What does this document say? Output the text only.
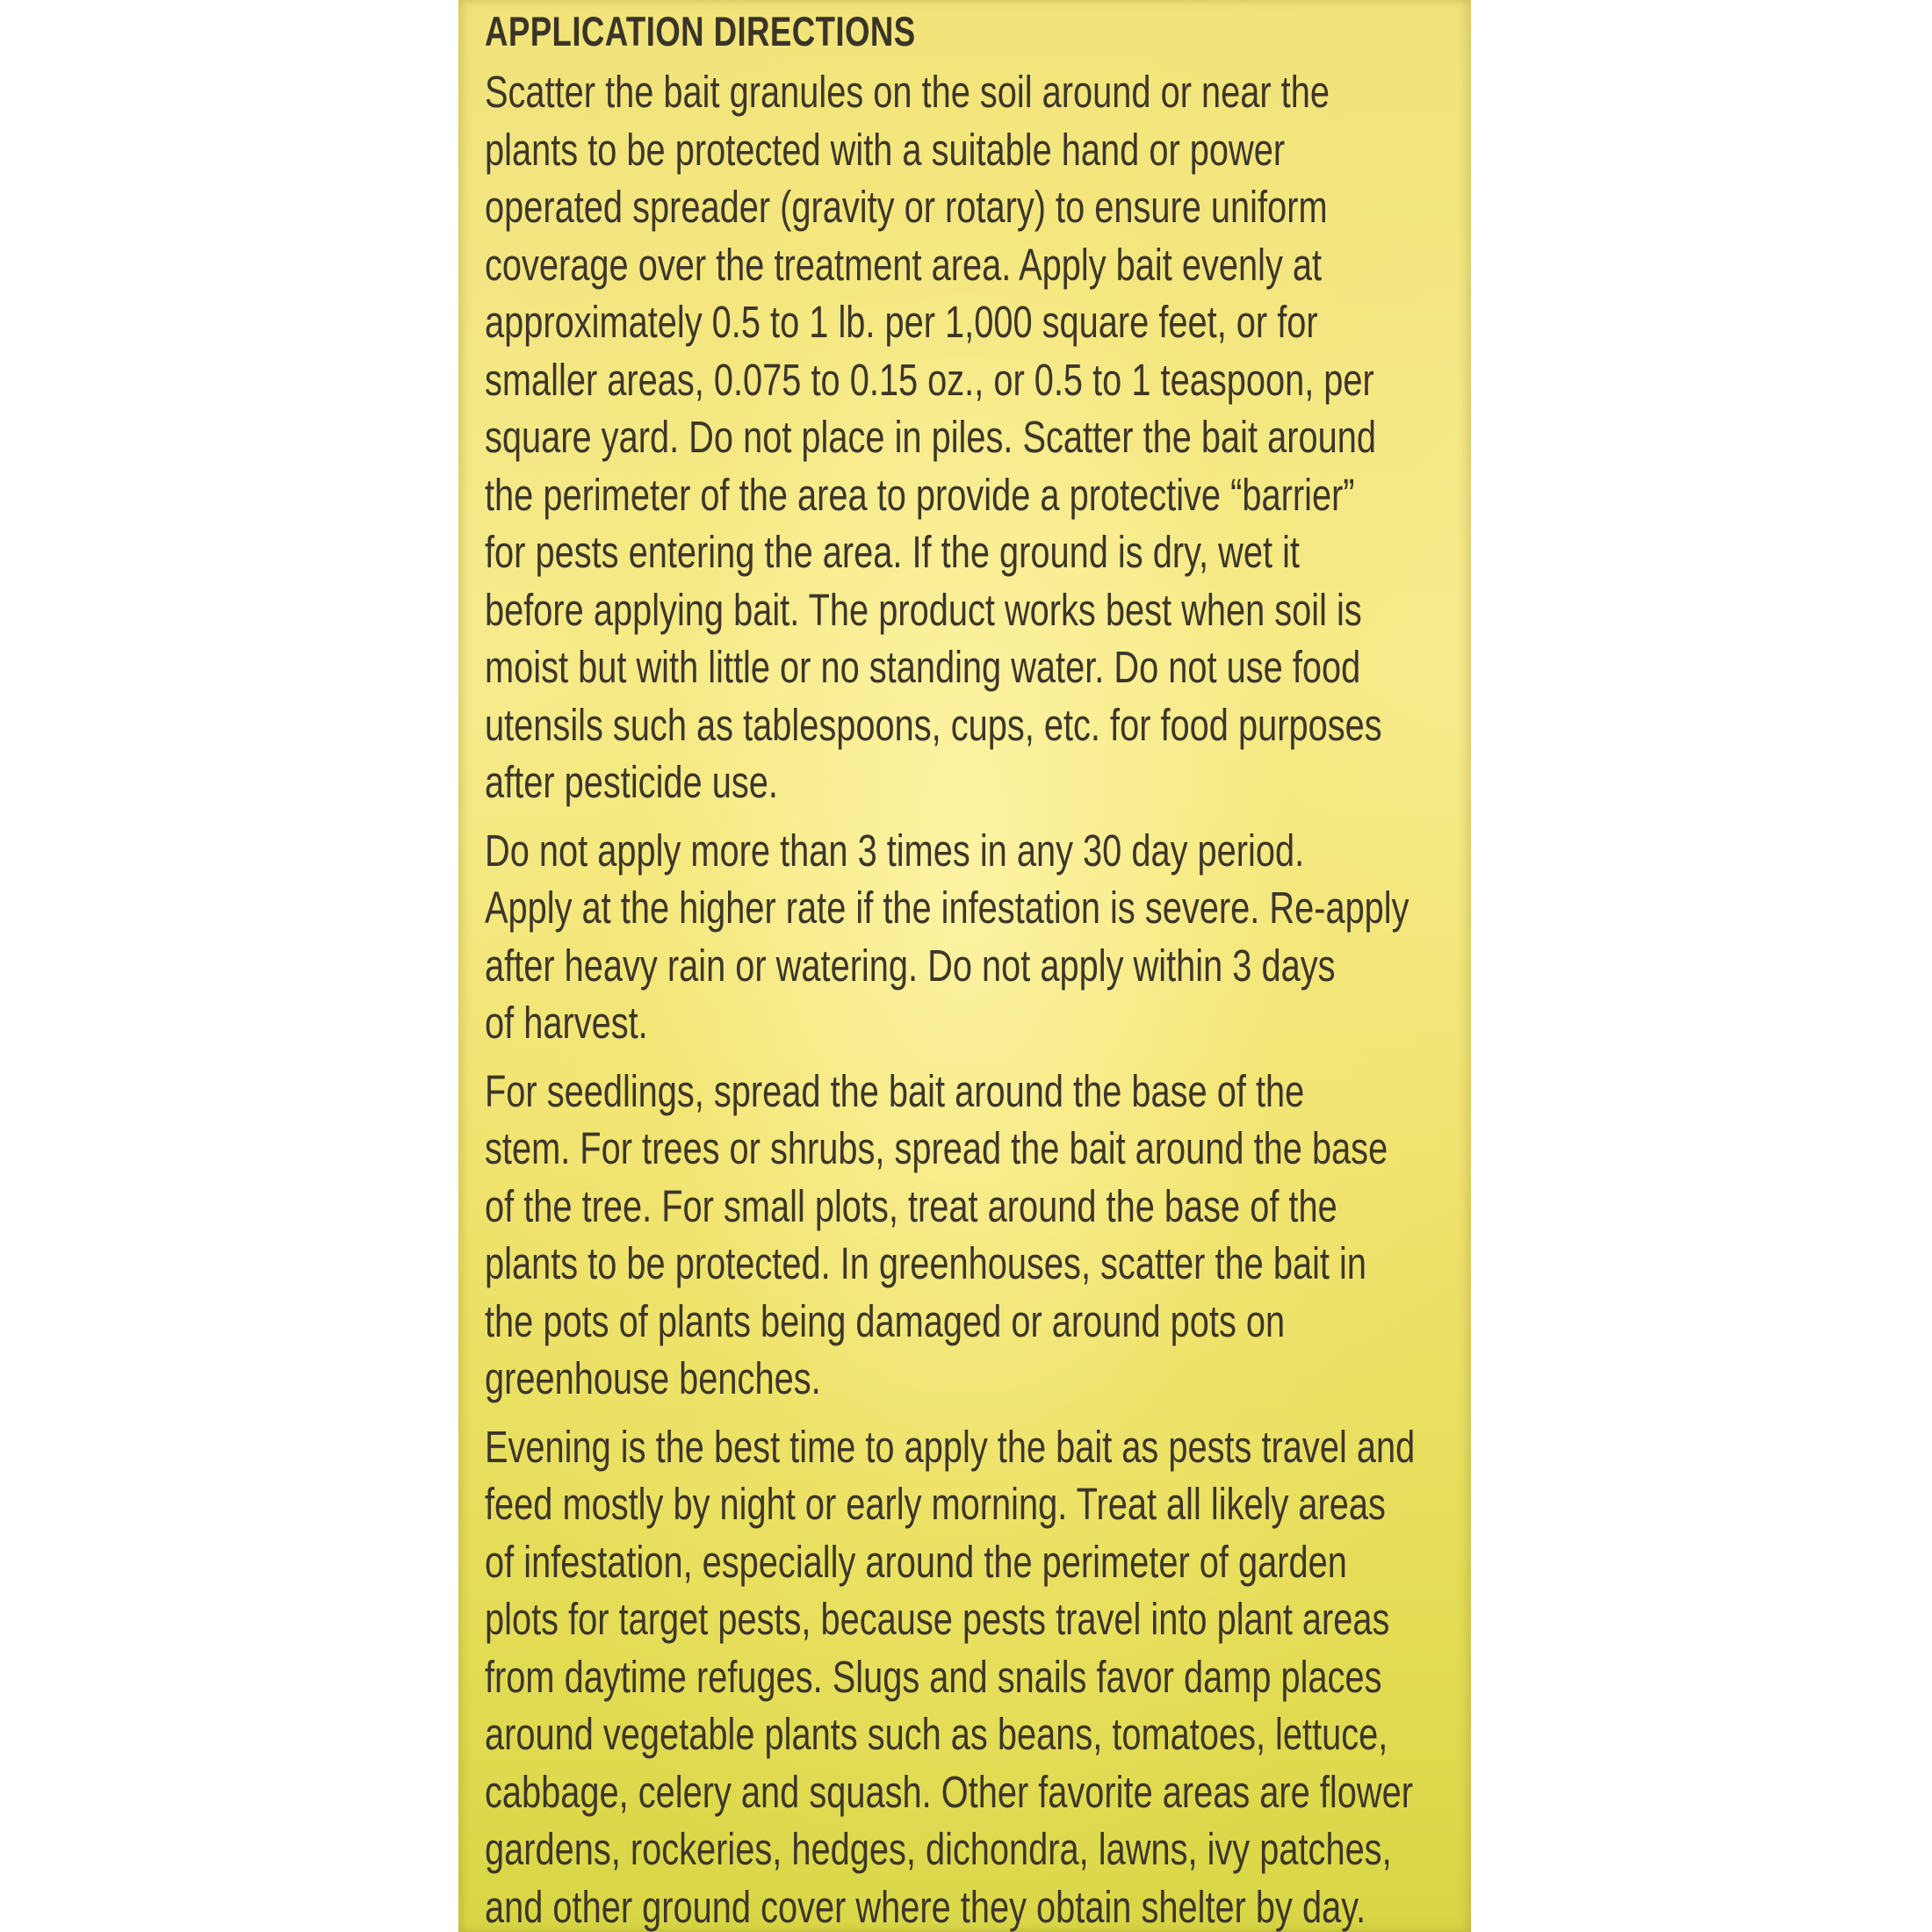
APPLICATION DIRECTIONS
Scatter the bait granules on the soil around or near the
plants to be protected with a suitable hand or power
operated spreader (gravity or rotary) to ensure uniform
coverage over the treatment area. Apply bait evenly at
approximately 0.5 to 1 lb. per 1,000 square feet, or for
smaller areas, 0.075 to 0.15 oz., or 0.5 to 1 teaspoon, per
square yard. Do not place in piles. Scatter the bait around
the perimeter of the area to provide a protective “barrier”
for pests entering the area. If the ground is dry, wet it
before applying bait. The product works best when soil is
moist but with little or no standing water. Do not use food
utensils such as tablespoons, cups, etc. for food purposes
after pesticide use.
Do not apply more than 3 times in any 30 day period.
Apply at the higher rate if the infestation is severe. Re-apply
after heavy rain or watering. Do not apply within 3 days
of harvest.
For seedlings, spread the bait around the base of the
stem. For trees or shrubs, spread the bait around the base
of the tree. For small plots, treat around the base of the
plants to be protected. In greenhouses, scatter the bait in
the pots of plants being damaged or around pots on
greenhouse benches.
Evening is the best time to apply the bait as pests travel and
feed mostly by night or early morning. Treat all likely areas
of infestation, especially around the perimeter of garden
plots for target pests, because pests travel into plant areas
from daytime refuges. Slugs and snails favor damp places
around vegetable plants such as beans, tomatoes, lettuce,
cabbage, celery and squash. Other favorite areas are flower
gardens, rockeries, hedges, dichondra, lawns, ivy patches,
and other ground cover where they obtain shelter by day.
